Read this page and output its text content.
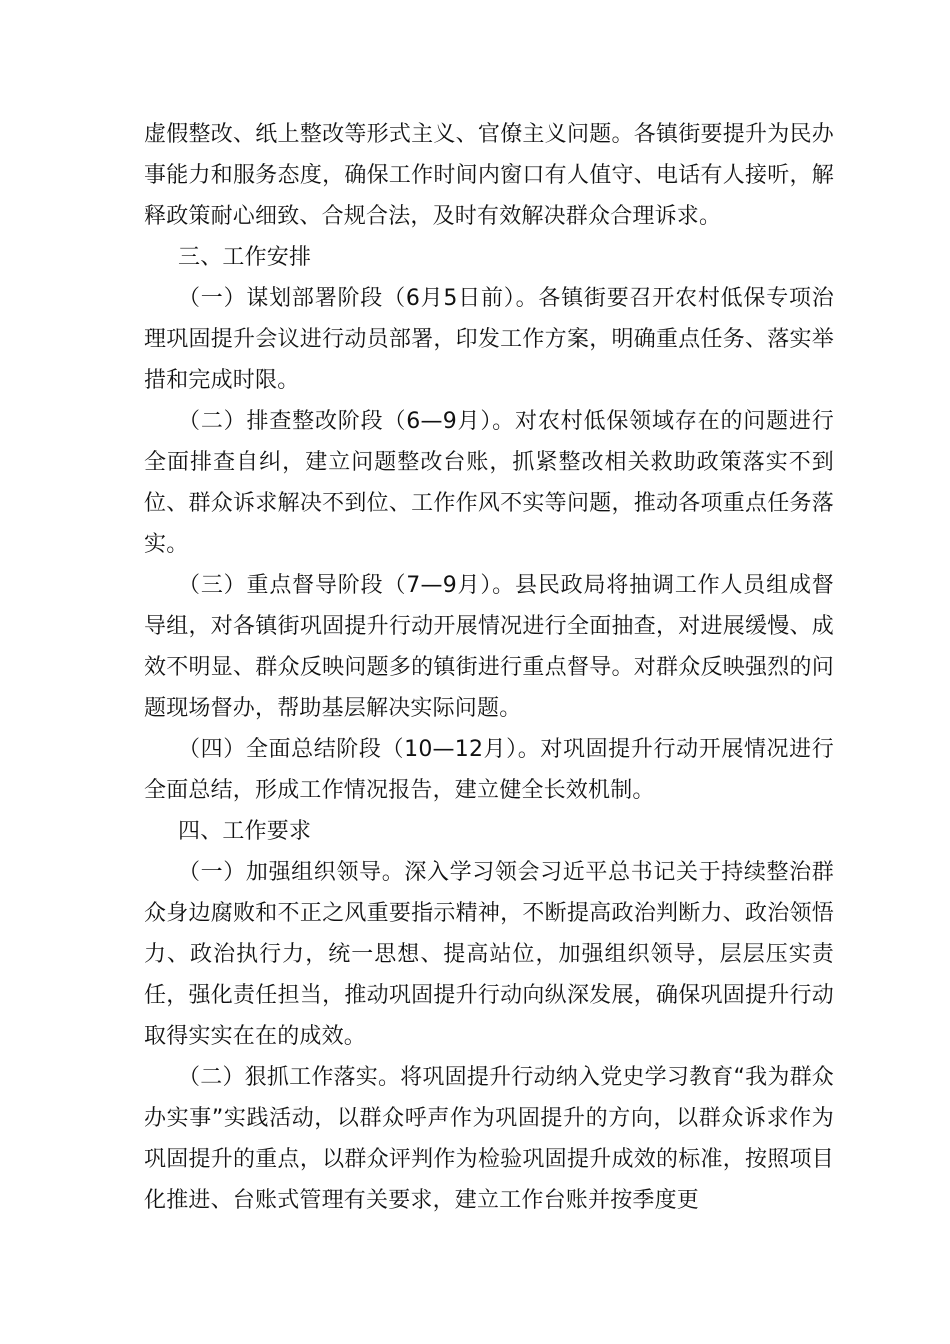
虚假整改、纸上整改等形式主义、官僚主义问题。各镇街要提升为民办事能力和服务态度，确保工作时间内窗口有人值守、电话有人接听，解释政策耐心细致、合规合法，及时有效解决群众合理诉求。

三、工作安排

（一）谋划部署阶段（6月5日前）。各镇街要召开农村低保专项治理巩固提升会议进行动员部署，印发工作方案，明确重点任务、落实举措和完成时限。

（二）排查整改阶段（6—9月）。对农村低保领域存在的问题进行全面排查自纠，建立问题整改台账，抓紧整改相关救助政策落实不到位、群众诉求解决不到位、工作作风不实等问题，推动各项重点任务落实。

（三）重点督导阶段（7—9月）。县民政局将抽调工作人员组成督导组，对各镇街巩固提升行动开展情况进行全面抽查，对进展缓慢、成效不明显、群众反映问题多的镇街进行重点督导。对群众反映强烈的问题现场督办，帮助基层解决实际问题。

（四）全面总结阶段（10—12月）。对巩固提升行动开展情况进行全面总结，形成工作情况报告，建立健全长效机制。

四、工作要求

（一）加强组织领导。深入学习领会习近平总书记关于持续整治群众身边腐败和不正之风重要指示精神，不断提高政治判断力、政治领悟力、政治执行力，统一思想、提高站位，加强组织领导，层层压实责任，强化责任担当，推动巩固提升行动向纵深发展，确保巩固提升行动取得实实在在的成效。

（二）狠抓工作落实。将巩固提升行动纳入党史学习教育“我为群众办实事”实践活动，以群众呼声作为巩固提升的方向，以群众诉求作为巩固提升的重点，以群众评判作为检验巩固提升成效的标准，按照项目化推进、台账式管理有关要求，建立工作台账并按季度更
